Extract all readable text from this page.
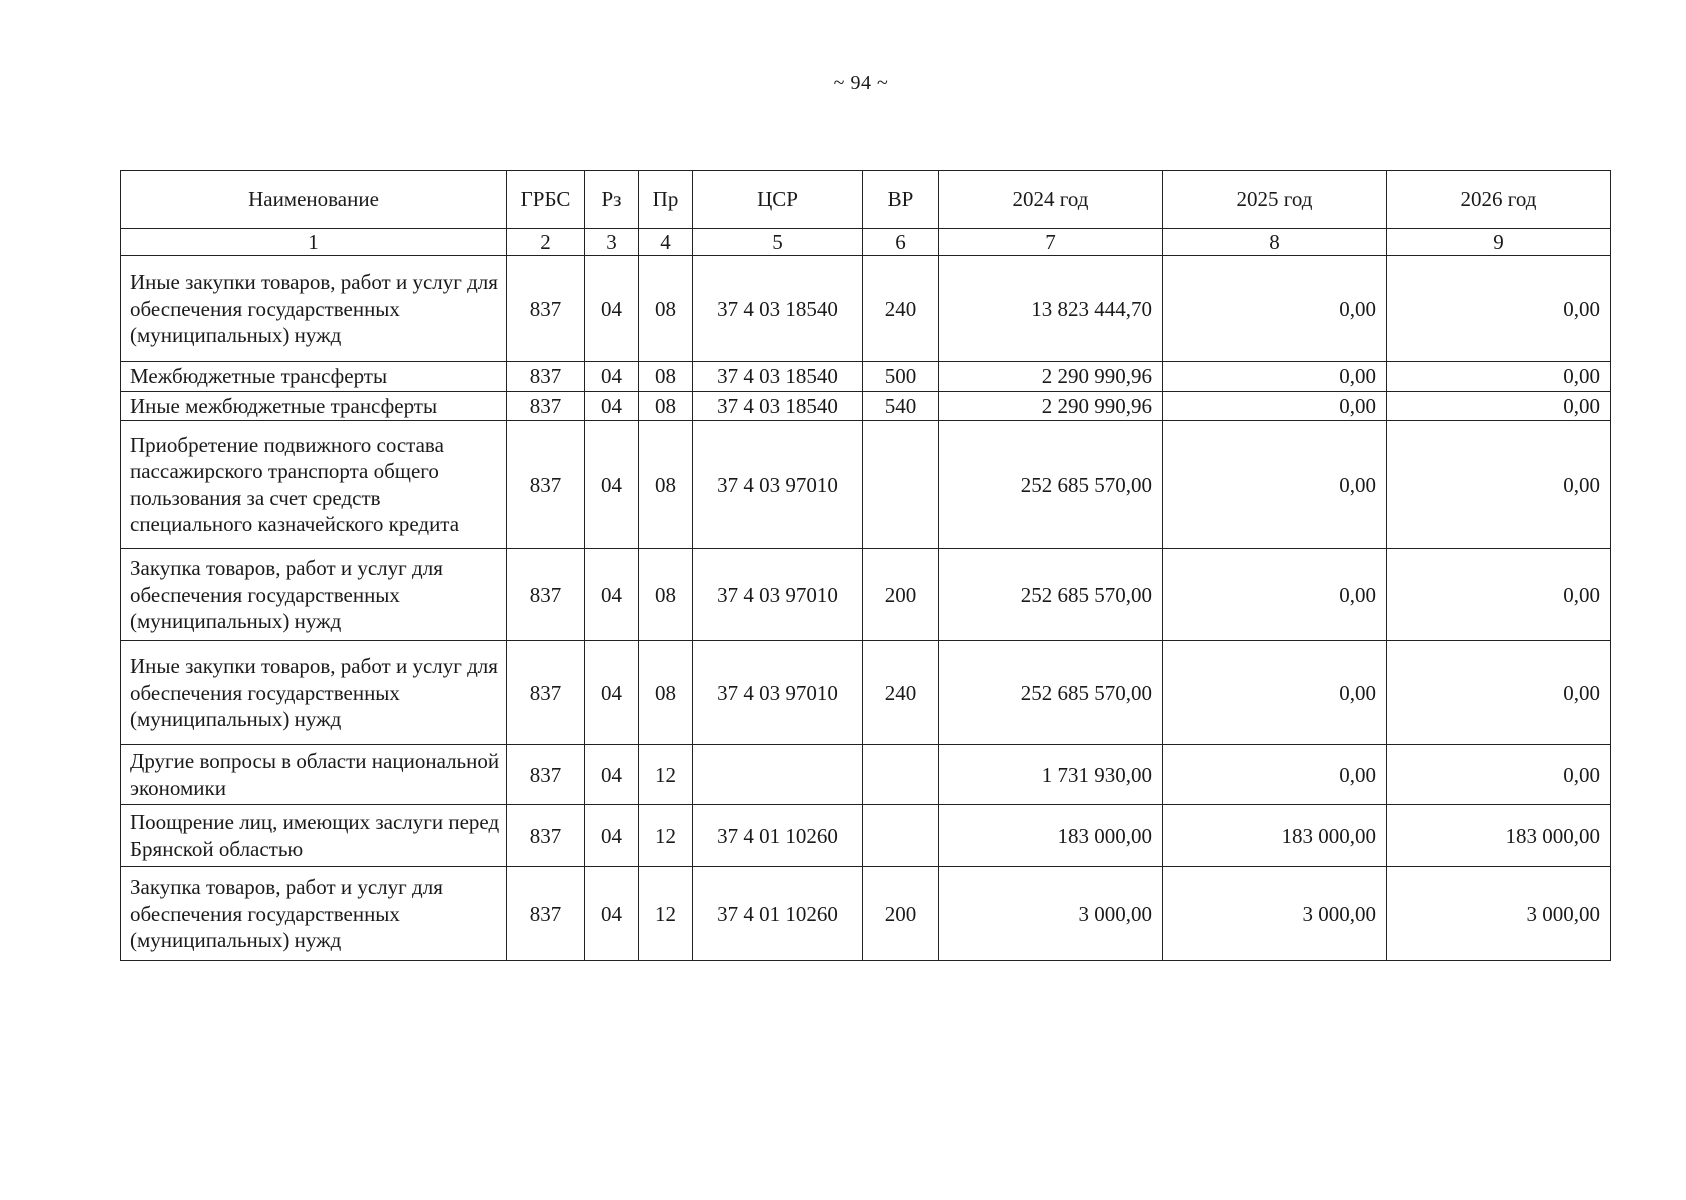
~ 94 ~
Наименование	ГРБС	Рз	Пр	ЦСР	ВР	2024 год	2025 год	2026 год
1	2	3	4	5	6	7	8	9
Иные закупки товаров, работ и услуг для обеспечения государственных (муниципальных) нужд	837	04	08	37 4 03 18540	240	13 823 444,70	0,00	0,00
Межбюджетные трансферты	837	04	08	37 4 03 18540	500	2 290 990,96	0,00	0,00
Иные межбюджетные трансферты	837	04	08	37 4 03 18540	540	2 290 990,96	0,00	0,00
Приобретение подвижного состава пассажирского транспорта общего пользования за счет средств специального казначейского кредита	837	04	08	37 4 03 97010		252 685 570,00	0,00	0,00
Закупка товаров, работ и услуг для обеспечения государственных (муниципальных) нужд	837	04	08	37 4 03 97010	200	252 685 570,00	0,00	0,00
Иные закупки товаров, работ и услуг для обеспечения государственных (муниципальных) нужд	837	04	08	37 4 03 97010	240	252 685 570,00	0,00	0,00
Другие вопросы в области национальной экономики	837	04	12			1 731 930,00	0,00	0,00
Поощрение лиц, имеющих заслуги перед Брянской областью	837	04	12	37 4 01 10260		183 000,00	183 000,00	183 000,00
Закупка товаров, работ и услуг для обеспечения государственных (муниципальных) нужд	837	04	12	37 4 01 10260	200	3 000,00	3 000,00	3 000,00
